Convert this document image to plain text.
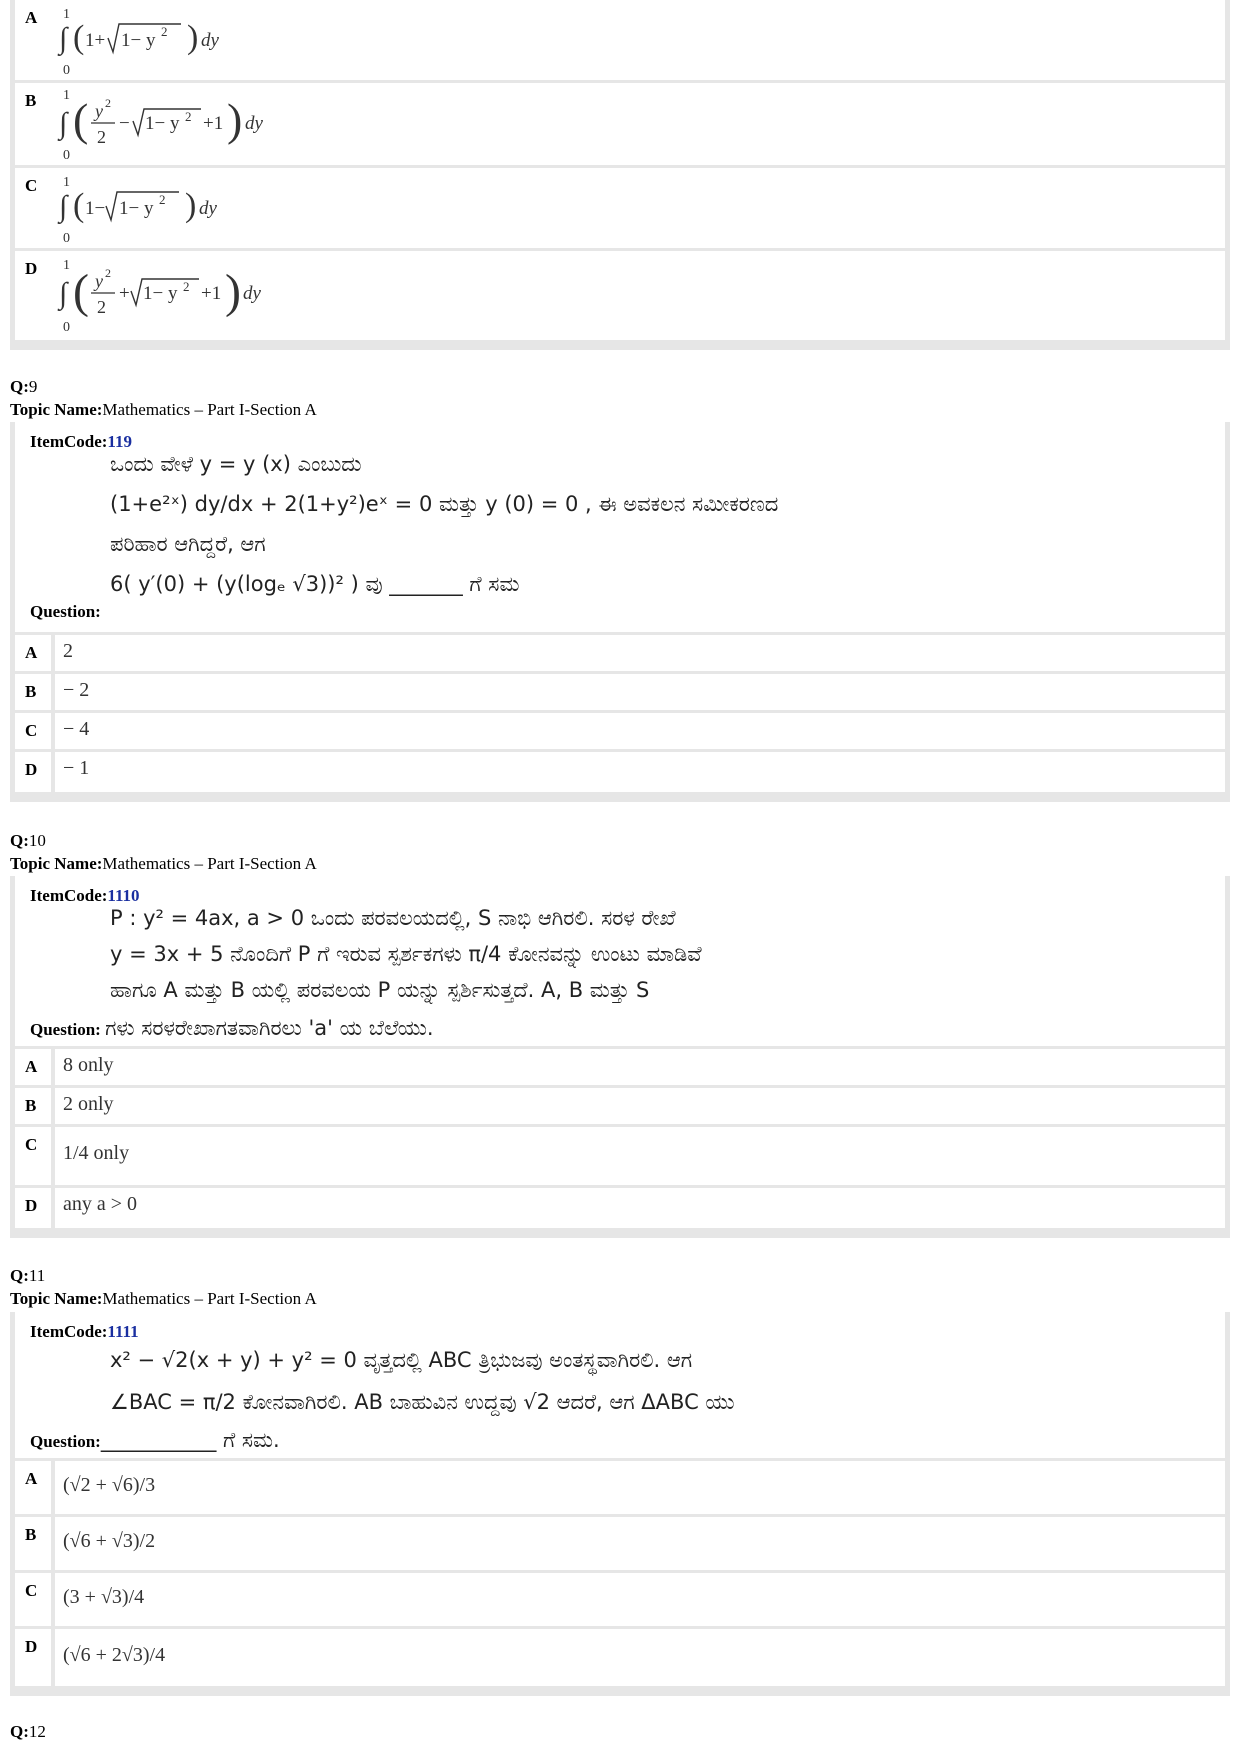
A 1
∫
0
( 1+ 1− y 2 ) dy
B 1
∫
0
( y 2
2
− 1− y 2 +1 ) dy
C 1
∫
0
( 1− 1− y 2 ) dy
D 1
∫
0
( y 2
2
+ 1− y 2 +1 ) dy
Q:9
Topic Name:Mathematics – Part I-Section A
ItemCode:119
ಒಂದು ವೇಳೆ y = y (x) ಎಂಬುದು
(1+e²ˣ) dy/dx + 2(1+y²)eˣ = 0 ಮತ್ತು y (0) = 0 , ಈ ಅವಕಲನ ಸಮೀಕರಣದ
ಪರಿಹಾರ ಆಗಿದ್ದರೆ, ಆಗ
6( y′(0) + (y(logₑ √3))² ) ವು _______ ಗೆ ಸಮ
Question:
A	2
B	− 2
C	− 4
D	− 1
Q:10
Topic Name:Mathematics – Part I-Section A
ItemCode:1110
P : y² = 4ax, a > 0 ಒಂದು ಪರವಲಯದಲ್ಲಿ, S ನಾಭಿ ಆಗಿರಲಿ. ಸರಳ ರೇಖೆ
y = 3x + 5 ನೊಂದಿಗೆ P ಗೆ ಇರುವ ಸ್ಪರ್ಶಕಗಳು π/4 ಕೋನವನ್ನು ಉಂಟು ಮಾಡಿವೆ
ಹಾಗೂ A ಮತ್ತು B ಯಲ್ಲಿ ಪರವಲಯ P ಯನ್ನು ಸ್ಪರ್ಶಿಸುತ್ತದೆ. A, B ಮತ್ತು S
Question: ಗಳು ಸರಳರೇಖಾಗತವಾಗಿರಲು 'a' ಯ ಬೆಲೆಯು.
A	8 only
B	2 only
C	1/4 only
D	any a > 0
Q:11
Topic Name:Mathematics – Part I-Section A
ItemCode:1111
x² − √2(x + y) + y² = 0 ವೃತ್ತದಲ್ಲಿ ABC ತ್ರಿಭುಜವು ಅಂತಸ್ಥವಾಗಿರಲಿ. ಆಗ
∠BAC = π/2 ಕೋನವಾಗಿರಲಿ. AB ಬಾಹುವಿನ ಉದ್ದವು √2 ಆದರೆ, ಆಗ ΔABC ಯು
Question:___________ ಗೆ ಸಮ.
A	(√2 + √6)/3
B	(√6 + √3)/2
C	(3 + √3)/4
D	(√6 + 2√3)/4
Q:12
